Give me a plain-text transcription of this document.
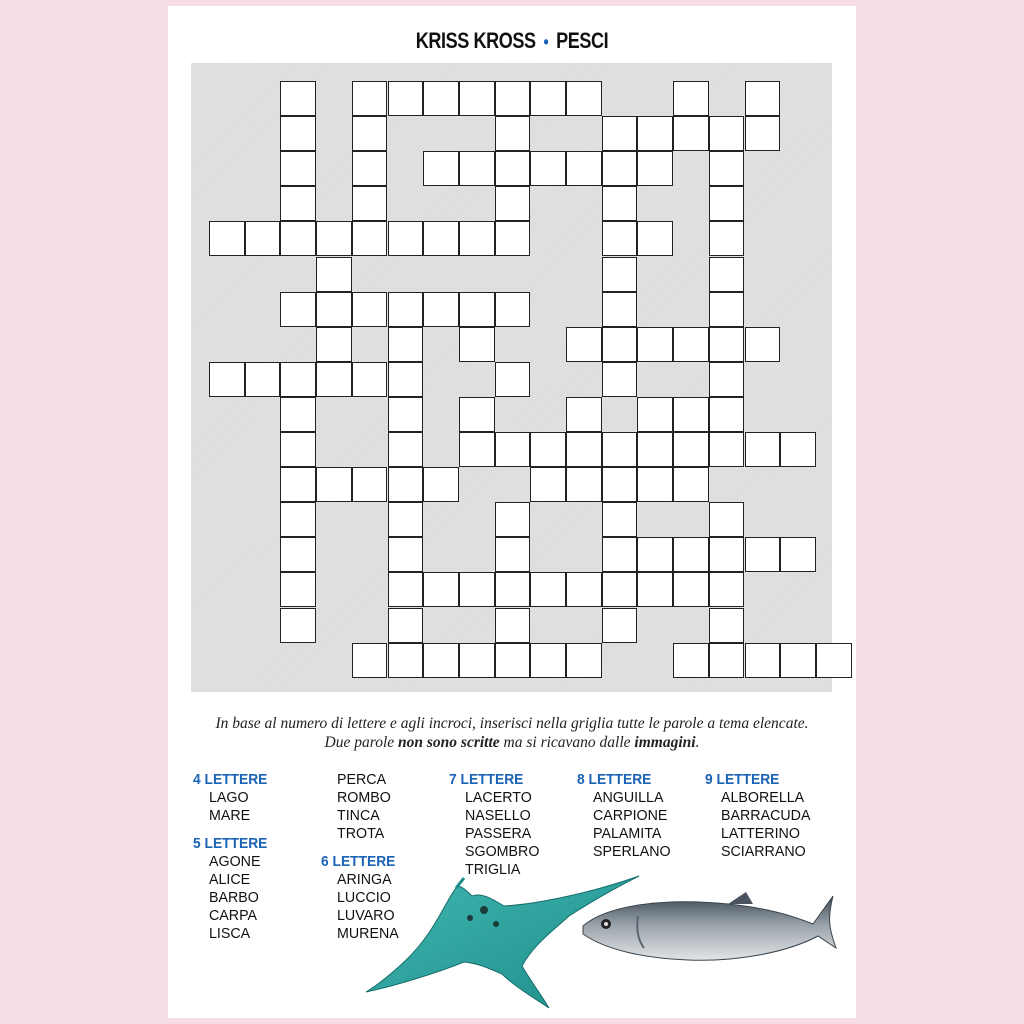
KRISS KROSS • PESCI
In base al numero di lettere e agli incroci, inserisci nella griglia tutte le parole a tema elencate.
Due parole non sono scritte ma si ricavano dalle immagini.
4 LETTERE
LAGO
MARE
5 LETTERE
AGONE
ALICE
BARBO
CARPA
LISCA
PERCA
ROMBO
TINCA
TROTA
6 LETTERE
ARINGA
LUCCIO
LUVARO
MURENA
7 LETTERE
LACERTO
NASELLO
PASSERA
SGOMBRO
TRIGLIA
8 LETTERE
ANGUILLA
CARPIONE
PALAMITA
SPERLANO
9 LETTERE
ALBORELLA
BARRACUDA
LATTERINO
SCIARRANO
